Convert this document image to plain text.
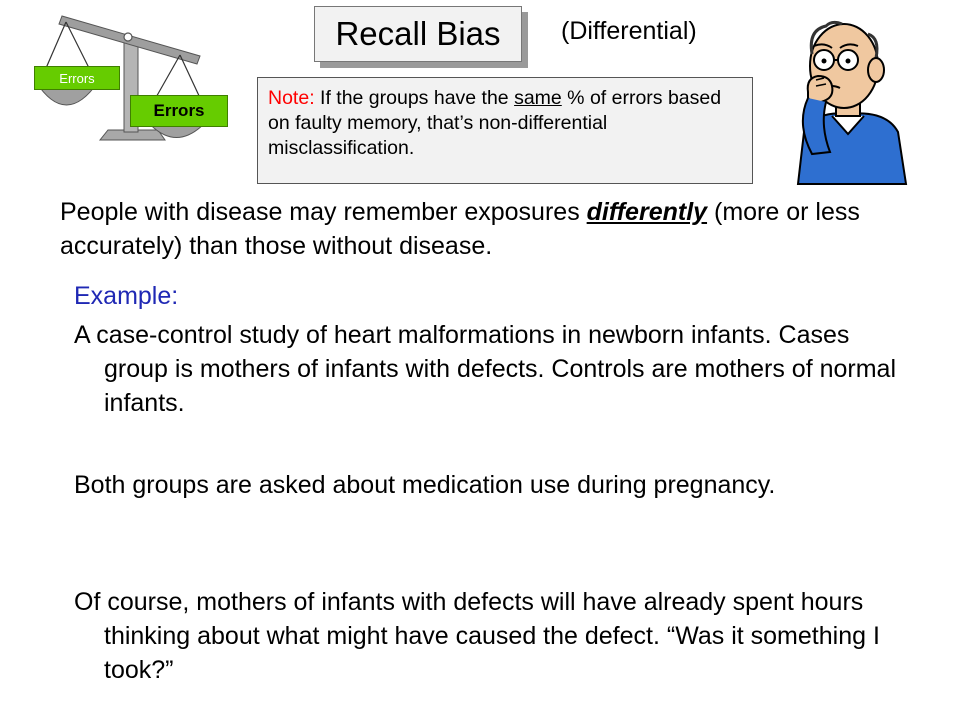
Errors
Errors
Recall Bias (Differential)
Note: If the groups have the same % of errors based on faulty memory, that’s non-differential misclassification.
People with disease may remember exposures differently (more or less accurately) than those without disease.
Example:
A case-control study of heart malformations in newborn infants. Cases group is mothers of infants with defects. Controls are mothers of normal infants.
Both groups are asked about medication use during pregnancy.
Of course, mothers of infants with defects will have already spent hours thinking about what might have caused the defect. “Was it something I took?”
